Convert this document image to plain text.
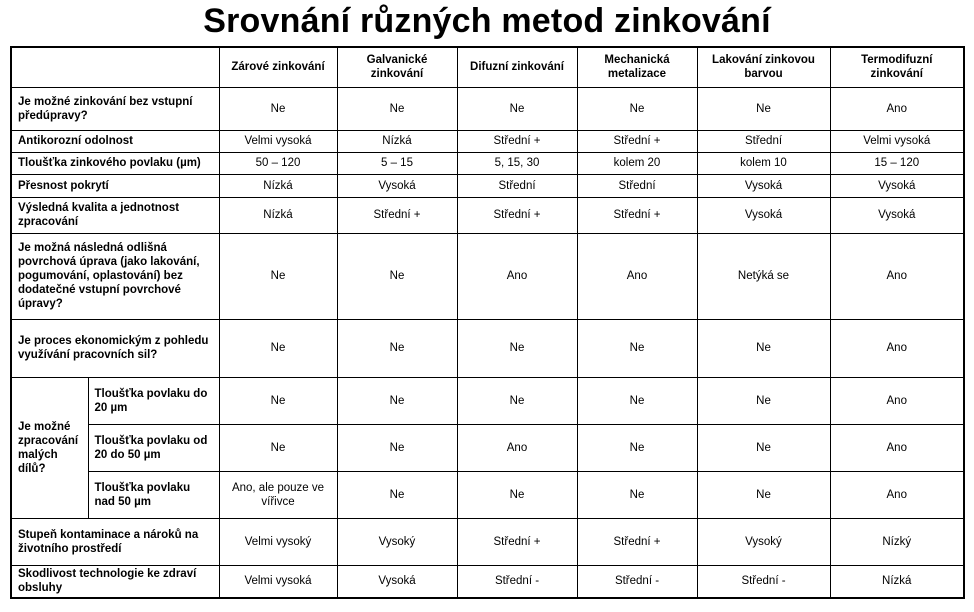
Srovnání různých metod zinkování
		Zárové zinkování	Galvanické zinkování	Difuzní zinkování	Mechanická metalizace	Lakování zinkovou barvou	Termodifuzní zinkování
Je možné zinkování bez vstupní předúpravy?		Ne	Ne	Ne	Ne	Ne	Ano
Antikorozní odolnost		Velmi vysoká	Nízká	Střední +	Střední +	Střední	Velmi vysoká
Tloušťka zinkového povlaku (µm)		50 – 120	5 – 15	5, 15, 30	kolem 20	kolem 10	15 – 120
Přesnost pokrytí		Nízká	Vysoká	Střední	Střední	Vysoká	Vysoká
Výsledná kvalita a jednotnost zpracování		Nízká	Střední +	Střední +	Střední +	Vysoká	Vysoká
Je možná následná odlišná povrchová úprava (jako lakování, pogumování, oplastování) bez dodatečné vstupní povrchové úpravy?		Ne	Ne	Ano	Ano	Netýká se	Ano
Je proces ekonomickým z pohledu využívání pracovních sil?		Ne	Ne	Ne	Ne	Ne	Ano
Je možné zpracování malých dílů?	Tloušťka povlaku do 20 µm	Ne	Ne	Ne	Ne	Ne	Ano
	Tloušťka povlaku od 20 do 50 µm	Ne	Ne	Ano	Ne	Ne	Ano
	Tloušťka povlaku nad 50 µm	Ano, ale pouze ve vířivce	Ne	Ne	Ne	Ne	Ano
Stupeň kontaminace a nároků na životního prostředí		Velmi vysoký	Vysoký	Střední +	Střední +	Vysoký	Nízký
Skodlivost technologie ke zdraví obsluhy		Velmi vysoká	Vysoká	Střední -	Střední -	Střední -	Nízká
